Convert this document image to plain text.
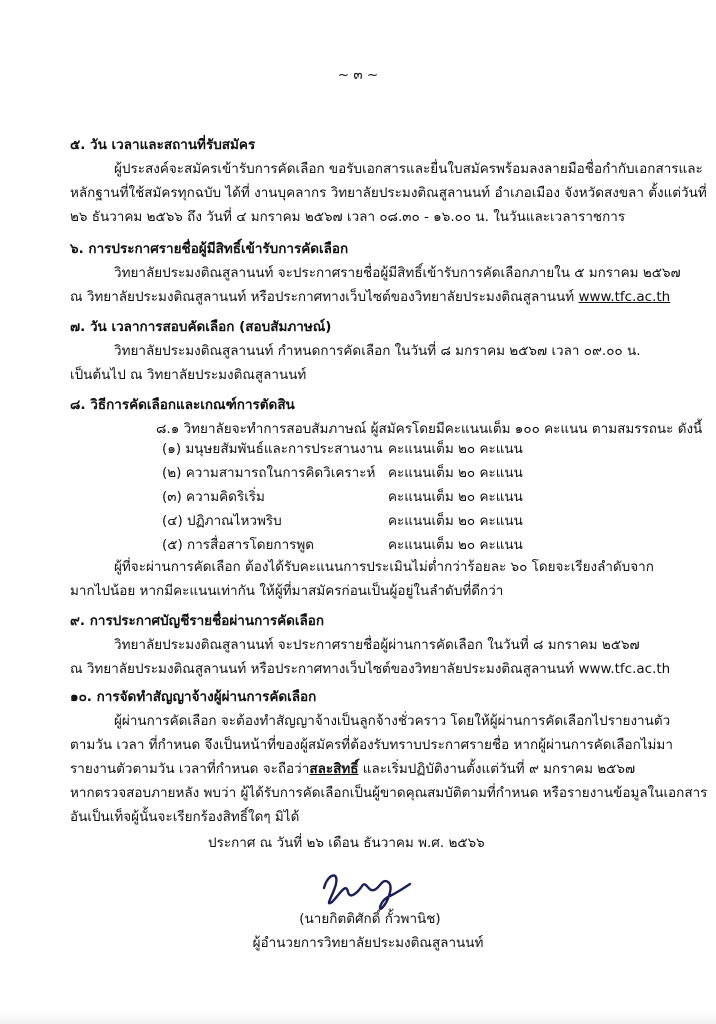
~ ๓ ~
๕. วัน เวลาและสถานที่รับสมัคร
ผู้ประสงค์จะสมัครเข้ารับการคัดเลือก ขอรับเอกสารและยื่นใบสมัครพร้อมลงลายมือชื่อกำกับเอกสารและ
หลักฐานที่ใช้สมัครทุกฉบับ ได้ที่ งานบุคลากร วิทยาลัยประมงติณสูลานนท์ อำเภอเมือง จังหวัดสงขลา ตั้งแต่วันที่
๒๖ ธันวาคม ๒๕๖๖ ถึง วันที่ ๔ มกราคม ๒๕๖๗ เวลา ๐๘.๓๐ - ๑๖.๐๐ น. ในวันและเวลาราชการ
๖. การประกาศรายชื่อผู้มีสิทธิ์เข้ารับการคัดเลือก
วิทยาลัยประมงติณสูลานนท์ จะประกาศรายชื่อผู้มีสิทธิ์เข้ารับการคัดเลือกภายใน ๕ มกราคม ๒๕๖๗
ณ วิทยาลัยประมงติณสูลานนท์ หรือประกาศทางเว็บไซต์ของวิทยาลัยประมงติณสูลานนท์ www.tfc.ac.th
๗. วัน เวลาการสอบคัดเลือก (สอบสัมภาษณ์)
วิทยาลัยประมงติณสูลานนท์ กำหนดการคัดเลือก ในวันที่ ๘ มกราคม ๒๕๖๗ เวลา ๐๙.๐๐ น.
เป็นต้นไป ณ วิทยาลัยประมงติณสูลานนท์
๘. วิธีการคัดเลือกและเกณฑ์การตัดสิน
๘.๑ วิทยาลัยจะทำการสอบสัมภาษณ์ ผู้สมัครโดยมีคะแนนเต็ม ๑๐๐ คะแนน ตามสมรรถนะ ดังนี้
(๑) มนุษยสัมพันธ์และการประสานงาน คะแนนเต็ม ๒๐ คะแนน
(๒) ความสามารถในการคิดวิเคราะห์ คะแนนเต็ม ๒๐ คะแนน
(๓) ความคิดริเริ่ม	คะแนนเต็ม ๒๐ คะแนน
(๔) ปฏิภาณไหวพริบ	คะแนนเต็ม ๒๐ คะแนน
(๕) การสื่อสารโดยการพูด	คะแนนเต็ม ๒๐ คะแนน
ผู้ที่จะผ่านการคัดเลือก ต้องได้รับคะแนนการประเมินไม่ต่ำกว่าร้อยละ ๖๐ โดยจะเรียงลำดับจาก
มากไปน้อย หากมีคะแนนเท่ากัน ให้ผู้ที่มาสมัครก่อนเป็นผู้อยู่ในลำดับที่ดีกว่า
๙. การประกาศบัญชีรายชื่อผ่านการคัดเลือก
วิทยาลัยประมงติณสูลานนท์ จะประกาศรายชื่อผู้ผ่านการคัดเลือก ในวันที่ ๘ มกราคม ๒๕๖๗
ณ วิทยาลัยประมงติณสูลานนท์ หรือประกาศทางเว็บไซต์ของวิทยาลัยประมงติณสูลานนท์ www.tfc.ac.th
๑๐. การจัดทำสัญญาจ้างผู้ผ่านการคัดเลือก
ผู้ผ่านการคัดเลือก จะต้องทำสัญญาจ้างเป็นลูกจ้างชั่วคราว โดยให้ผู้ผ่านการคัดเลือกไปรายงานตัว
ตามวัน เวลา ที่กำหนด จึงเป็นหน้าที่ของผู้สมัครที่ต้องรับทราบประกาศรายชื่อ หากผู้ผ่านการคัดเลือกไม่มา
รายงานตัวตามวัน เวลาที่กำหนด จะถือว่าสละสิทธิ์ และเริ่มปฏิบัติงานตั้งแต่วันที่ ๙ มกราคม ๒๕๖๗
หากตรวจสอบภายหลัง พบว่า ผู้ได้รับการคัดเลือกเป็นผู้ขาดคุณสมบัติตามที่กำหนด หรือรายงานข้อมูลในเอกสาร
อันเป็นเท็จผู้นั้นจะเรียกร้องสิทธิ์ใดๆ มิได้
ประกาศ ณ วันที่ ๒๖ เดือน ธันวาคม พ.ศ. ๒๕๖๖
(นายกิตติศักดิ์ กั้วพานิช)
ผู้อำนวยการวิทยาลัยประมงติณสูลานนท์
